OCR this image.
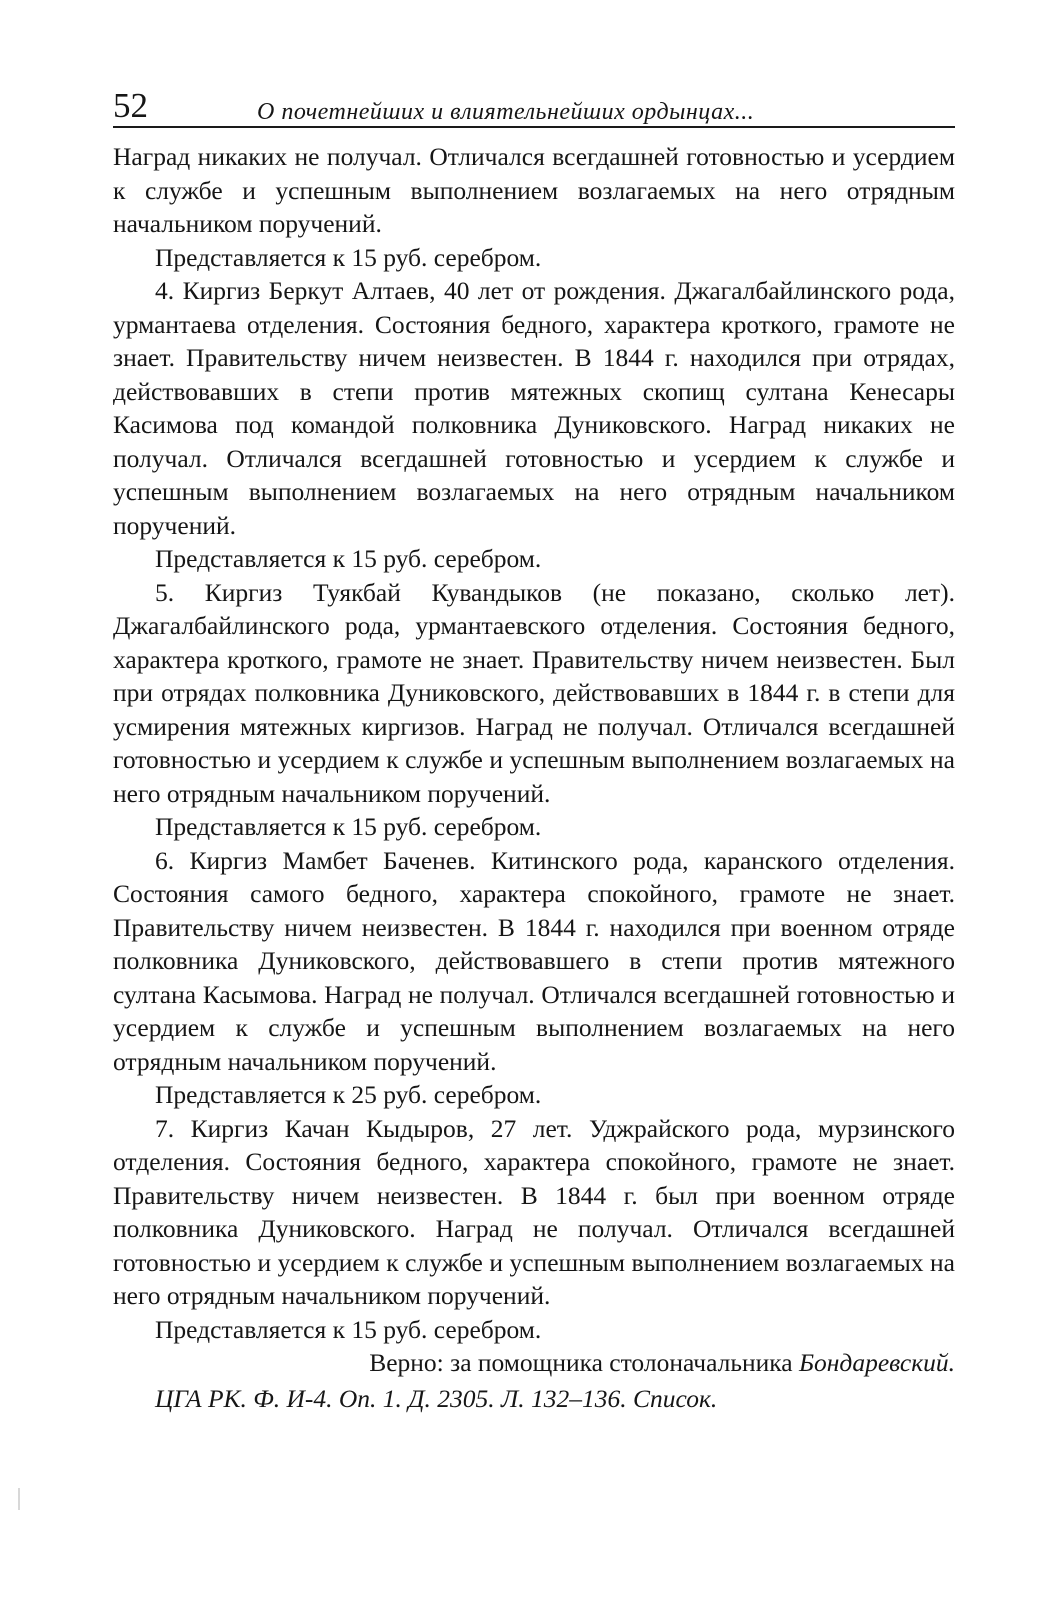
52	О почетнейших и влиятельнейших ордынцах...

Наград никаких не получал. Отличался всегдашней готовностью и усердием к службе и успешным выполнением возлагаемых на него отрядным начальником поручений.

Представляется к 15 руб. серебром.

4. Киргиз Беркут Алтаев, 40 лет от рождения. Джагалбайлинского рода, урмантаева отделения. Состояния бедного, характера кроткого, грамоте не знает. Правительству ничем неизвестен. В 1844 г. находился при отрядах, действовавших в степи против мятежных скопищ султана Кенесары Касимова под командой полковника Дуниковского. Наград никаких не получал. Отличался всегдашней готовностью и усердием к службе и успешным выполнением возлагаемых на него отрядным начальником поручений.

Представляется к 15 руб. серебром.

5. Киргиз Туякбай Кувандыков (не показано, сколько лет). Джагалбайлинского рода, урмантаевского отделения. Состояния бедного, характера кроткого, грамоте не знает. Правительству ничем неизвестен. Был при отрядах полковника Дуниковского, действовавших в 1844 г. в степи для усмирения мятежных киргизов. Наград не получал. Отличался всегдашней готовностью и усердием к службе и успешным выполнением возлагаемых на него отрядным начальником поручений.

Представляется к 15 руб. серебром.

6. Киргиз Мамбет Баченев. Китинского рода, каранского отделения. Состояния самого бедного, характера спокойного, грамоте не знает. Правительству ничем неизвестен. В 1844 г. находился при военном отряде полковника Дуниковского, действовавшего в степи против мятежного султана Касымова. Наград не получал. Отличался всегдашней готовностью и усердием к службе и успешным выполнением возлагаемых на него отрядным начальником поручений.

Представляется к 25 руб. серебром.

7. Киргиз Качан Кыдыров, 27 лет. Уджрайского рода, мурзинского отделения. Состояния бедного, характера спокойного, грамоте не знает. Правительству ничем неизвестен. В 1844 г. был при военном отряде полковника Дуниковского. Наград не получал. Отличался всегдашней готовностью и усердием к службе и успешным выполнением возлагаемых на него отрядным начальником поручений.

Представляется к 15 руб. серебром.

Верно: за помощника столоначальника Бондаревский.

ЦГА РК. Ф. И-4. Оп. 1. Д. 2305. Л. 132–136. Список.
